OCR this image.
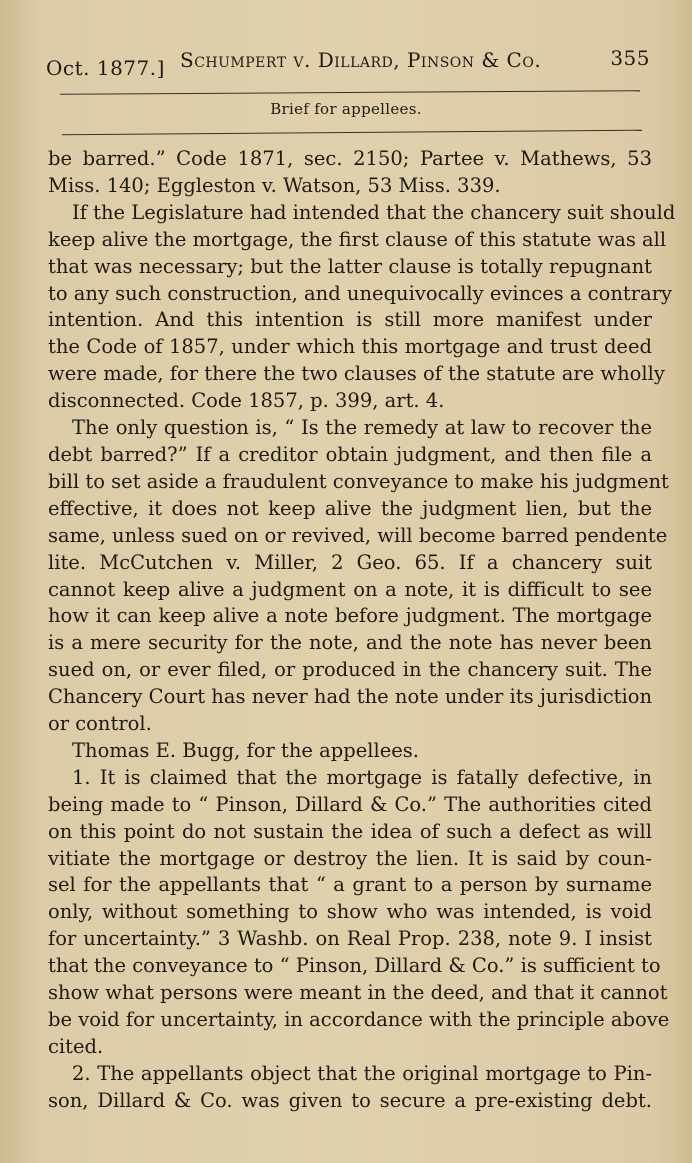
Oct. 1877.] Schumpert v. Dillard, Pinson & Co.	355
Brief for appellees.
be barred.” Code 1871, sec. 2150; Partee v. Mathews, 53
Miss. 140; Eggleston v. Watson, 53 Miss. 339.
If the Legislature had intended that the chancery suit should
keep alive the mortgage, the first clause of this statute was all
that was necessary; but the latter clause is totally repugnant
to any such construction, and unequivocally evinces a contrary
intention. And this intention is still more manifest under
the Code of 1857, under which this mortgage and trust deed
were made, for there the two clauses of the statute are wholly
disconnected. Code 1857, p. 399, art. 4.
The only question is, “ Is the remedy at law to recover the
debt barred?” If a creditor obtain judgment, and then file a
bill to set aside a fraudulent conveyance to make his judgment
effective, it does not keep alive the judgment lien, but the
same, unless sued on or revived, will become barred pendente
lite. McCutchen v. Miller, 2 Geo. 65. If a chancery suit
cannot keep alive a judgment on a note, it is difficult to see
how it can keep alive a note before judgment. The mortgage
is a mere security for the note, and the note has never been
sued on, or ever filed, or produced in the chancery suit. The
Chancery Court has never had the note under its jurisdiction
or control.
Thomas E. Bugg, for the appellees.
1. It is claimed that the mortgage is fatally defective, in
being made to “ Pinson, Dillard & Co.” The authorities cited
on this point do not sustain the idea of such a defect as will
vitiate the mortgage or destroy the lien. It is said by coun-
sel for the appellants that “ a grant to a person by surname
only, without something to show who was intended, is void
for uncertainty.” 3 Washb. on Real Prop. 238, note 9. I insist
that the conveyance to “ Pinson, Dillard & Co.” is sufficient to
show what persons were meant in the deed, and that it cannot
be void for uncertainty, in accordance with the principle above
cited.
2. The appellants object that the original mortgage to Pin-
son, Dillard & Co. was given to secure a pre-existing debt.
